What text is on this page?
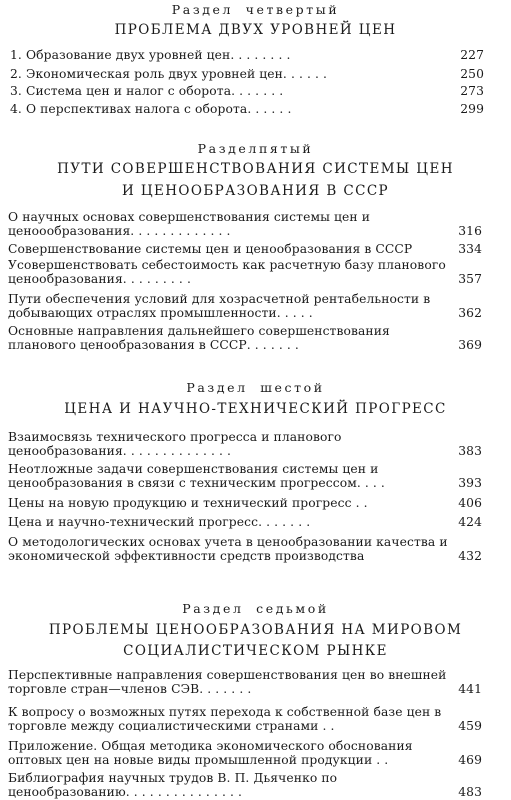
Раздел четвертый
ПРОБЛЕМА ДВУХ УРОВНЕЙ ЦЕН
1. Образование двух уровней цен. . . . . . . .	227
2. Экономическая роль двух уровней цен. . . . . .	250
3. Система цен и налог с оборота. . . . . . .	273
4. О перспективах налога с оборота. . . . . .	299
Разделпятый
ПУТИ СОВЕРШЕНСТВОВАНИЯ СИСТЕМЫ ЦЕН
И ЦЕНООБРАЗОВАНИЯ В СССР
О научных основах совершенствования системы цен и ценоообразования. . . . . . . . . . . . .	316
Совершенствование системы цен и ценообразования в СССР	334
Усовершенствовать себестоимость как расчетную базу планового ценообразования. . . . . . . . .	357
Пути обеспечения условий для хозрасчетной рентабельности в добывающих отраслях промышленности. . . . .	362
Основные направления дальнейшего совершенствования планового ценообразования в СССР. . . . . . .	369
Раздел шестой
ЦЕНА И НАУЧНО-ТЕХНИЧЕСКИЙ ПРОГРЕСС
Взаимосвязь технического прогресса и планового ценообразования. . . . . . . . . . . . . .	383
Неотложные задачи совершенствования системы цен и ценообразования в связи с техническим прогрессом. . . .	393
Цены на новую продукцию и технический прогресс . .	406
Цена и научно-технический прогресс. . . . . . .	424
О методологических основах учета в ценообразовании качества и экономической эффективности средств производства	432
Раздел седьмой
ПРОБЛЕМЫ ЦЕНООБРАЗОВАНИЯ НА МИРОВОМ
СОЦИАЛИСТИЧЕСКОМ РЫНКЕ
Перспективные направления совершенствования цен во внешней торговле стран—членов СЭВ. . . . . . .	441
К вопросу о возможных путях перехода к собственной базе цен в торговле между социалистическими странами . .	459
Приложение. Общая методика экономического обоснования оптовых цен на новые виды промышленной продукции . .	469
Библиография научных трудов В. П. Дьяченко по ценообразованию. . . . . . . . . . . . . . .	483
